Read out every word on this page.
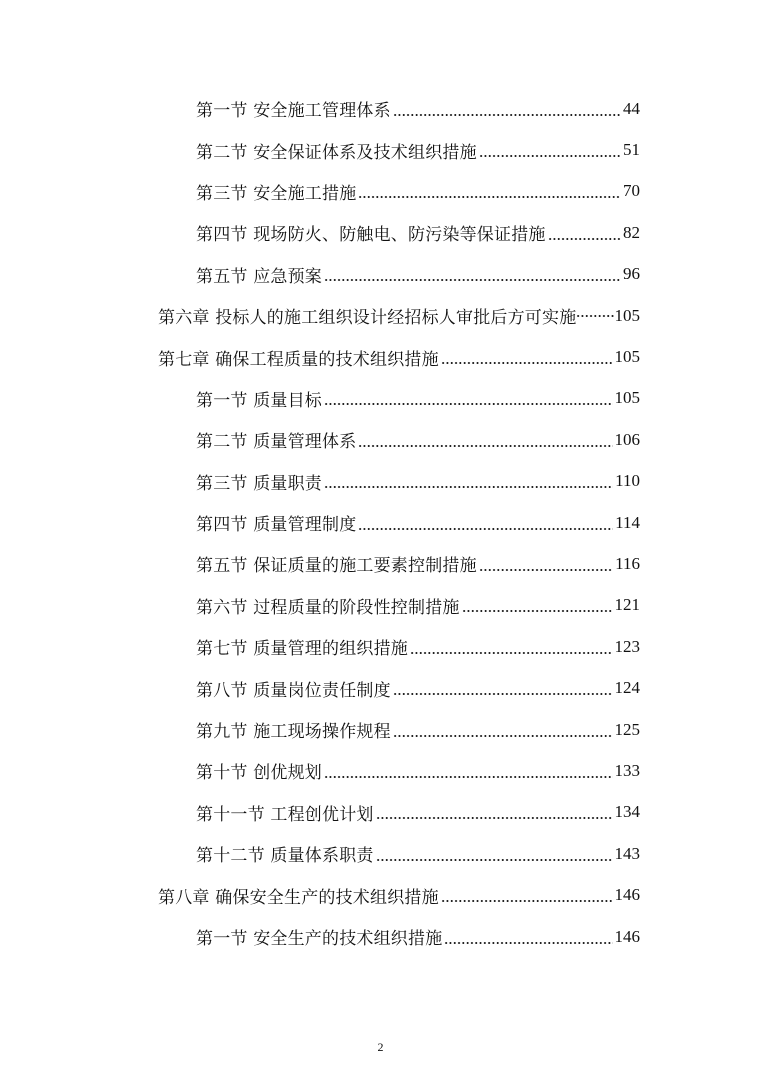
第一节 安全施工管理体系	44
第二节 安全保证体系及技术组织措施	51
第三节 安全施工措施	70
第四节 现场防火、防触电、防污染等保证措施	82
第五节 应急预案	96
第六章 投标人的施工组织设计经招标人审批后方可实施 105
第七章 确保工程质量的技术组织措施	105
第一节 质量目标	105
第二节 质量管理体系	106
第三节 质量职责	110
第四节 质量管理制度	114
第五节 保证质量的施工要素控制措施	116
第六节 过程质量的阶段性控制措施	121
第七节 质量管理的组织措施	123
第八节 质量岗位责任制度	124
第九节 施工现场操作规程	125
第十节 创优规划	133
第十一节 工程创优计划	134
第十二节 质量体系职责	143
第八章 确保安全生产的技术组织措施	146
第一节 安全生产的技术组织措施	146
2
